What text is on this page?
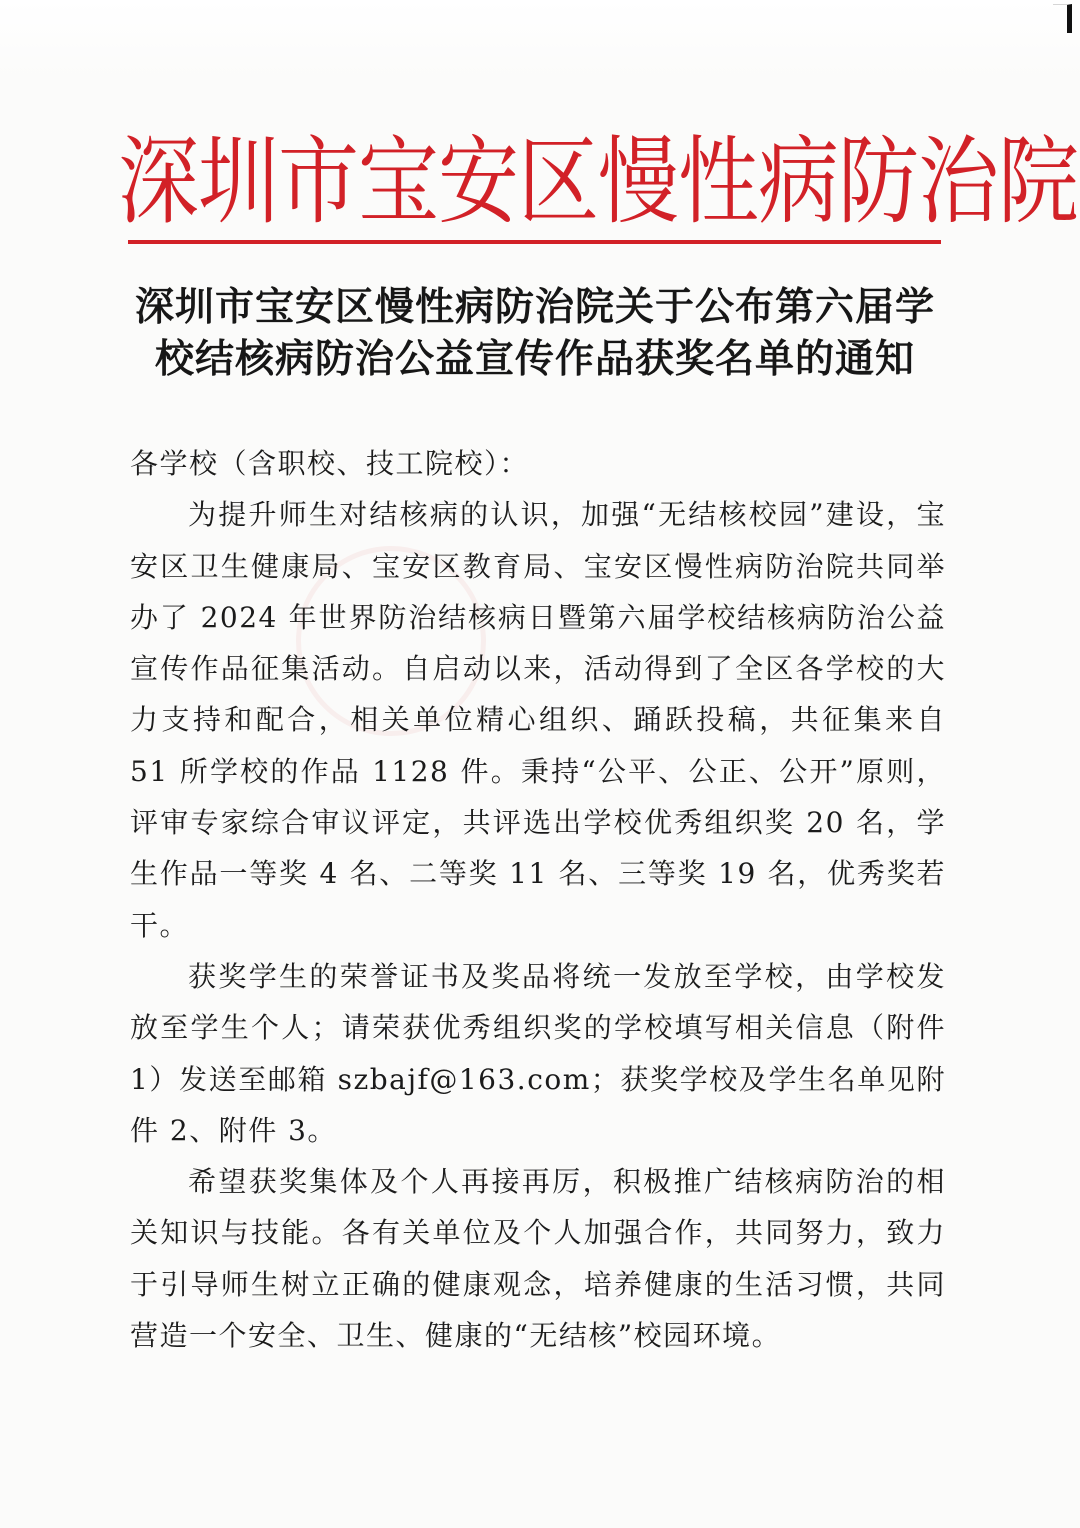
深圳市宝安区慢性病防治院
深圳市宝安区慢性病防治院关于公布第六届学校结核病防治公益宣传作品获奖名单的通知

各学校（含职校、技工院校）：

为提升师生对结核病的认识，加强“无结核校园”建设，宝安区卫生健康局、宝安区教育局、宝安区慢性病防治院共同举办了 2024 年世界防治结核病日暨第六届学校结核病防治公益宣传作品征集活动。自启动以来，活动得到了全区各学校的大力支持和配合，相关单位精心组织、踊跃投稿，共征集来自 51 所学校的作品 1128 件。秉持“公平、公正、公开”原则，评审专家综合审议评定，共评选出学校优秀组织奖 20 名，学生作品一等奖 4 名、二等奖 11 名、三等奖 19 名，优秀奖若干。

获奖学生的荣誉证书及奖品将统一发放至学校，由学校发放至学生个人；请荣获优秀组织奖的学校填写相关信息（附件 1）发送至邮箱 szbajf@163.com；获奖学校及学生名单见附件 2、附件 3。

希望获奖集体及个人再接再厉，积极推广结核病防治的相关知识与技能。各有关单位及个人加强合作，共同努力，致力于引导师生树立正确的健康观念，培养健康的生活习惯，共同营造一个安全、卫生、健康的“无结核”校园环境。
